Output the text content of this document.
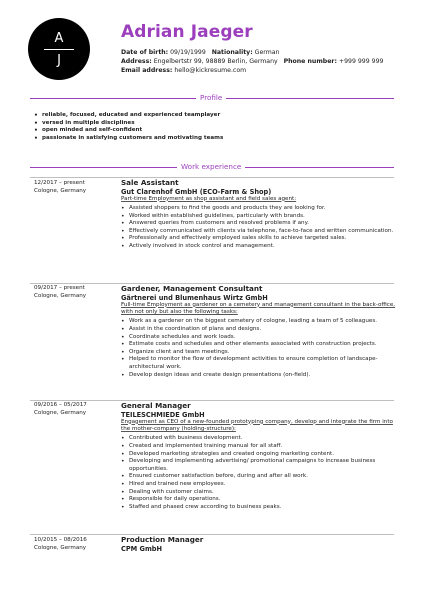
A
J
Adrian Jaeger
Date of birth: 09/19/1999 Nationality: German
Address: Engelbertstr 99, 98889 Berlin, Germany Phone number: +999 999 999
Email address: hello@kickresume.com
Profile
• reliable, focused, educated and experienced teamplayer
• versed in multiple disciplines
• open minded and self-confident
• passionate in satisfying customers and motivating teams
Work experience
12/2017 – present
Cologne, Germany
Sale Assistant
Gut Clarenhof GmbH (ECO-Farm & Shop)
Part-time Employment as shop assistant and field sales agent:
• Assisted shoppers to find the goods and products they are looking for.
• Worked within established guidelines, particularly with brands.
• Answered queries from customers and resolved problems if any.
• Effectively communicated with clients via telephone, face-to-face and written communication.
• Professionally and effectively employed sales skills to achieve targeted sales.
• Actively involved in stock control and management.
09/2017 – present
Cologne, Germany
Gardener, Management Consultant
Gärtnerei und Blumenhaus Wirtz GmbH
Full-time Employment as gardener on a cemetery and management consultant in the back-office, with not only but also the following tasks:
• Work as a gardener on the biggest cemetery of cologne, leading a team of 5 colleagues.
• Assist in the coordination of plans and designs.
• Coordinate schedules and work loads.
• Estimate costs and schedules and other elements associated with construction projects.
• Organize client and team meetings.
• Helped to monitor the flow of development activities to ensure completion of landscape-architectural work.
• Develop design ideas and create design presentations (on-field).
09/2016 – 05/2017
Cologne, Germany
General Manager
TEILESCHMIEDE GmbH
Engagement as CEO of a new-founded prototyping company, develop and integrate the firm into the mother-company (holding-structure):
• Contributed with business development.
• Created and implemented training manual for all staff.
• Developed marketing strategies and created ongoing marketing content.
• Developing and implementing advertising/ promotional campaigns to increase business opportunities.
• Ensured customer satisfaction before, during and after all work.
• Hired and trained new employees.
• Dealing with customer claims.
• Responsible for daily operations.
• Staffed and phased crew according to business peaks.
10/2015 – 08/2016
Cologne, Germany
Production Manager
CPM GmbH
